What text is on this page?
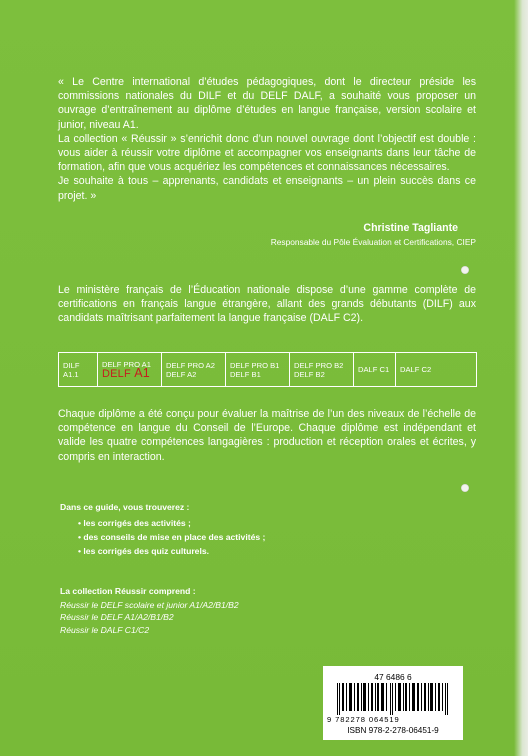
« Le Centre international d’études pédagogiques, dont le directeur préside les commissions nationales du DILF et du DELF DALF, a souhaité vous proposer un ouvrage d’entraînement au diplôme d’études en langue française, version scolaire et junior, niveau A1.

La collection « Réussir » s’enrichit donc d’un nouvel ouvrage dont l’objectif est double : vous aider à réussir votre diplôme et accompagner vos enseignants dans leur tâche de formation, afin que vous acquériez les compétences et connaissances nécessaires.

Je souhaite à tous – apprenants, candidats et enseignants – un plein succès dans ce projet. »

Christine Tagliante
Responsable du Pôle Évaluation et Certifications, CIEP

Le ministère français de l’Éducation nationale dispose d’une gamme complète de certifications en français langue étrangère, allant des grands débutants (DILF) aux candidats maîtrisant parfaitement la langue française (DALF C2).

DILF A1.1	
DELF PRO A1
DELF A1

DELF PRO A2
DELF A2

DELF PRO B1
DELF B1

DELF PRO B2
DELF B2	DALF C1	DALF C2

Chaque diplôme a été conçu pour évaluer la maîtrise de l’un des niveaux de l’échelle de compétence en langue du Conseil de l’Europe. Chaque diplôme est indépendant et valide les quatre compétences langagières : production et réception orales et écrites, y compris en interaction.

Dans ce guide, vous trouverez :
• les corrigés des activités ;
• des conseils de mise en place des activités ;
• les corrigés des quiz culturels.
La collection Réussir comprend :
Réussir le DELF scolaire et junior A1/A2/B1/B2
Réussir le DELF A1/A2/B1/B2
Réussir le DALF C1/C2
47 6486 6
9 782278 064519
ISBN 978-2-278-06451-9
